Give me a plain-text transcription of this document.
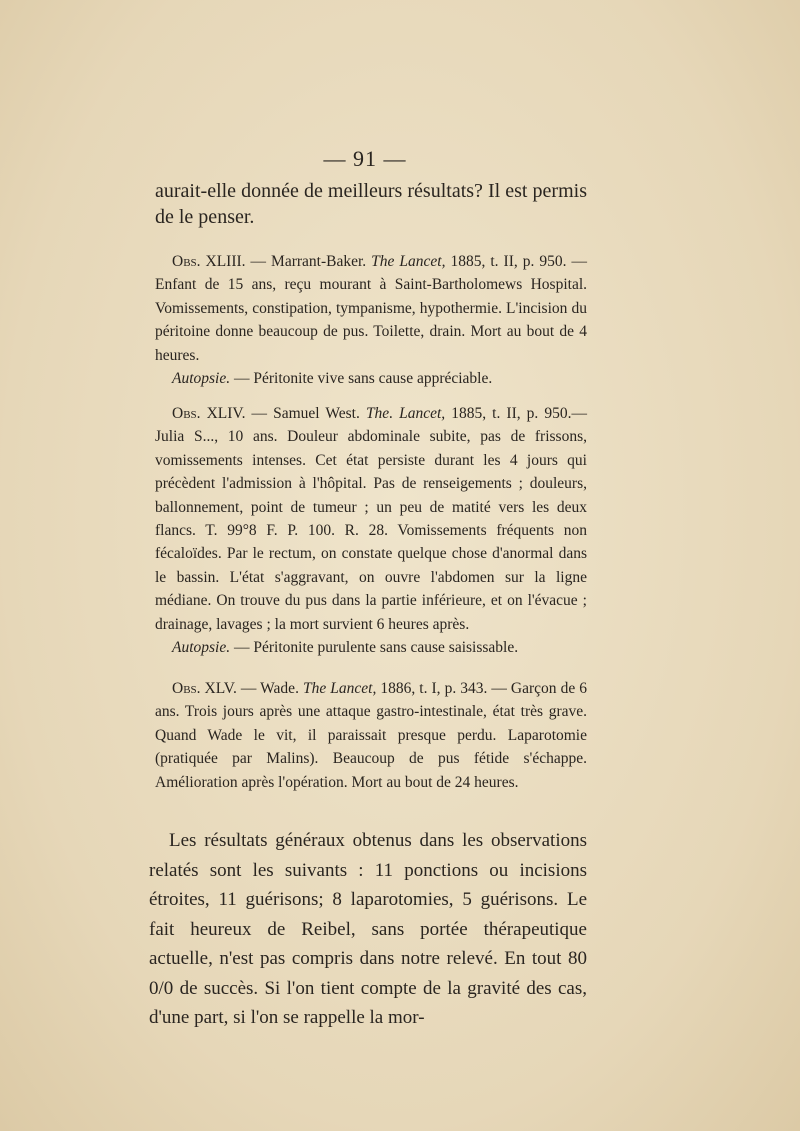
— 91 —
aurait-elle donnée de meilleurs résultats? Il est permis de le penser.

Obs. XLIII. — Marrant-Baker. The Lancet, 1885, t. II, p. 950. — Enfant de 15 ans, reçu mourant à Saint-Bartholomews Hospital. Vomissements, constipation, tympanisme, hypothermie. L'incision du péritoine donne beaucoup de pus. Toilette, drain. Mort au bout de 4 heures.

Autopsie. — Péritonite vive sans cause appréciable.

Obs. XLIV. — Samuel West. The. Lancet, 1885, t. II, p. 950.— Julia S..., 10 ans. Douleur abdominale subite, pas de frissons, vomissements intenses. Cet état persiste durant les 4 jours qui précèdent l'admission à l'hôpital. Pas de renseigements ; douleurs, ballonnement, point de tumeur ; un peu de matité vers les deux flancs. T. 99°8 F. P. 100. R. 28. Vomissements fréquents non fécaloïdes. Par le rectum, on constate quelque chose d'anormal dans le bassin. L'état s'aggravant, on ouvre l'abdomen sur la ligne médiane. On trouve du pus dans la partie inférieure, et on l'évacue ; drainage, lavages ; la mort survient 6 heures après.

Autopsie. — Péritonite purulente sans cause saisissable.

Obs. XLV. — Wade. The Lancet, 1886, t. I, p. 343. — Garçon de 6 ans. Trois jours après une attaque gastro-intestinale, état très grave. Quand Wade le vit, il paraissait presque perdu. Laparotomie (pratiquée par Malins). Beaucoup de pus fétide s'échappe. Amélioration après l'opération. Mort au bout de 24 heures.

Les résultats généraux obtenus dans les observations relatés sont les suivants : 11 ponctions ou incisions étroites, 11 guérisons; 8 laparotomies, 5 guérisons. Le fait heureux de Reibel, sans portée thérapeutique actuelle, n'est pas compris dans notre relevé. En tout 80 0/0 de succès. Si l'on tient compte de la gravité des cas, d'une part, si l'on se rappelle la mor-
